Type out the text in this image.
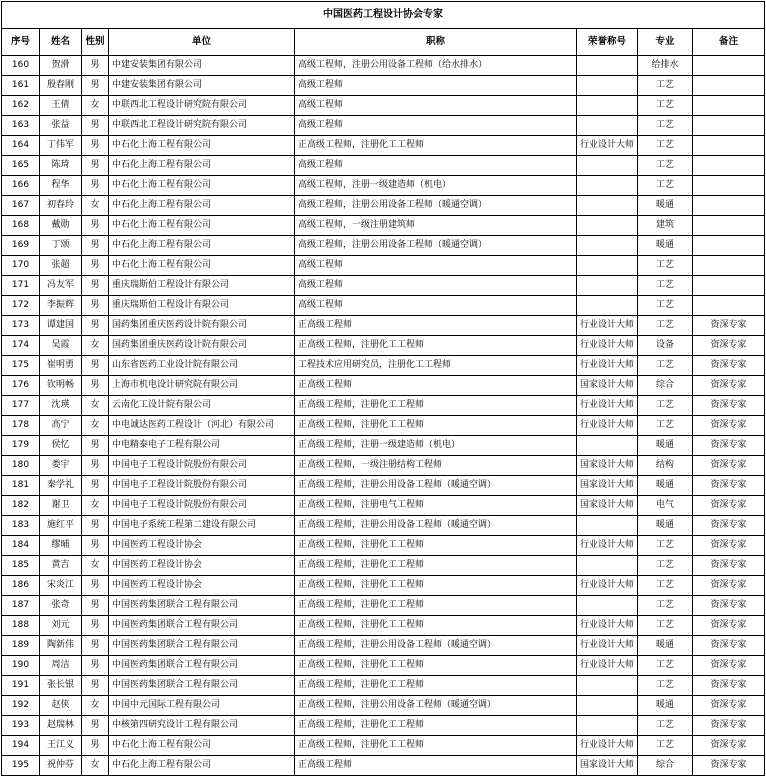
中国医药工程设计协会专家							
序号	姓名	性别	单位	职称	荣誉称号	专业	备注
160	贺滑	男	中建安装集团有限公司	高级工程师，注册公用设备工程师（给水排水）		给排水	
161	殷春刚	男	中建安装集团有限公司	高级工程师		工艺	
162	王倩	女	中联西北工程设计研究院有限公司	高级工程师		工艺	
163	张益	男	中联西北工程设计研究院有限公司	高级工程师		工艺	
164	丁伟军	男	中石化上海工程有限公司	正高级工程师，注册化工工程师	行业设计大师	工艺	
165	陈琦	男	中石化上海工程有限公司	高级工程师		工艺	
166	程华	男	中石化上海工程有限公司	高级工程师，注册一级建造师（机电）		工艺	
167	初春玲	女	中石化上海工程有限公司	高级工程师，注册公用设备工程师（暖通空调）		暖通	
168	戴勋	男	中石化上海工程有限公司	高级工程师，一级注册建筑师		建筑	
169	丁颂	男	中石化上海工程有限公司	高级工程师，注册公用设备工程师（暖通空调）		暖通	
170	张超	男	中石化上海工程有限公司	高级工程师		工艺	
171	冯友军	男	重庆瑞斯伯工程设计有限公司	高级工程师		工艺	
172	李振辉	男	重庆瑞斯伯工程设计有限公司	高级工程师		工艺	
173	谭建国	男	国药集团重庆医药设计院有限公司	正高级工程师	行业设计大师	工艺	资深专家
174	吴霞	女	国药集团重庆医药设计院有限公司	正高级工程师，注册化工工程师	行业设计大师	设备	资深专家
175	崔明勇	男	山东省医药工业设计院有限公司	工程技术应用研究员，注册化工工程师	行业设计大师	工艺	资深专家
176	钦明畅	男	上海市机电设计研究院有限公司	正高级工程师	国家设计大师	综合	资深专家
177	沈瑛	女	云南化工设计院有限公司	正高级工程师，注册化工工程师	行业设计大师	工艺	资深专家
178	高宁	女	中电诚达医药工程设计（河北）有限公司	正高级工程师，注册化工工程师	行业设计大师	工艺	资深专家
179	侯忆	男	中电精泰电子工程有限公司	正高级工程师，注册一级建造师（机电）		暖通	资深专家
180	娄宇	男	中国电子工程设计院股份有限公司	正高级工程师，一级注册结构工程师	国家设计大师	结构	资深专家
181	秦学礼	男	中国电子工程设计院股份有限公司	正高级工程师，注册公用设备工程师（暖通空调）	国家设计大师	暖通	资深专家
182	谢卫	女	中国电子工程设计院股份有限公司	正高级工程师，注册电气工程师	国家设计大师	电气	资深专家
183	施红平	男	中国电子系统工程第二建设有限公司	正高级工程师，注册公用设备工程师（暖通空调）		暖通	资深专家
184	缪晡	男	中国医药工程设计协会	正高级工程师，注册化工工程师	行业设计大师	工艺	资深专家
185	黄吉	女	中国医药工程设计协会	正高级工程师，注册化工工程师		工艺	资深专家
186	宋炎江	男	中国医药工程设计协会	正高级工程师，注册化工工程师	行业设计大师	工艺	资深专家
187	张奇	男	中国医药集团联合工程有限公司	正高级工程师，注册化工工程师		工艺	资深专家
188	刘元	男	中国医药集团联合工程有限公司	正高级工程师，注册化工工程师	行业设计大师	工艺	资深专家
189	陶新伟	男	中国医药集团联合工程有限公司	正高级工程师，注册公用设备工程师（暖通空调）	行业设计大师	暖通	资深专家
190	周洁	男	中国医药集团联合工程有限公司	正高级工程师，注册化工工程师	行业设计大师	工艺	资深专家
191	张长银	男	中国医药集团联合工程有限公司	正高级工程师，注册化工工程师		工艺	资深专家
192	赵侠	女	中国中元国际工程有限公司	正高级工程师，注册公用设备工程师（暖通空调）		暖通	资深专家
193	赵瑞林	男	中核第四研究设计工程有限公司	正高级工程师，注册化工工程师		工艺	资深专家
194	王江义	男	中石化上海工程有限公司	正高级工程师，注册化工工程师	行业设计大师	工艺	资深专家
195	祝仲芬	女	中石化上海工程有限公司	正高级工程师	国家设计大师	综合	资深专家
